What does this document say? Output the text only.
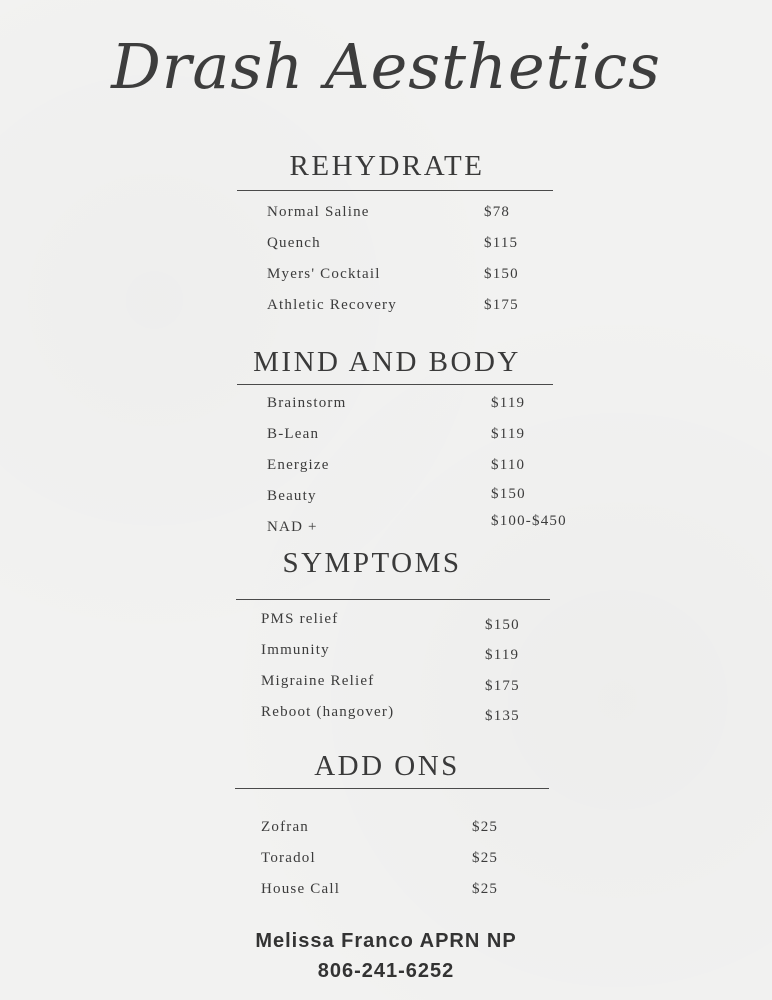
Drash Aesthetics
REHYDRATE
Normal Saline	$78
Quench	$115
Myers' Cocktail	$150
Athletic Recovery	$175
MIND AND BODY
Brainstorm	$119
B-Lean	$119
Energize	$110
Beauty	$150
NAD +	$100-$450
SYMPTOMS
PMS relief	$150
Immunity	$119
Migraine Relief	$175
Reboot (hangover)	$135
ADD ONS
Zofran	$25
Toradol	$25
House Call	$25
Melissa Franco APRN NP
806-241-6252
